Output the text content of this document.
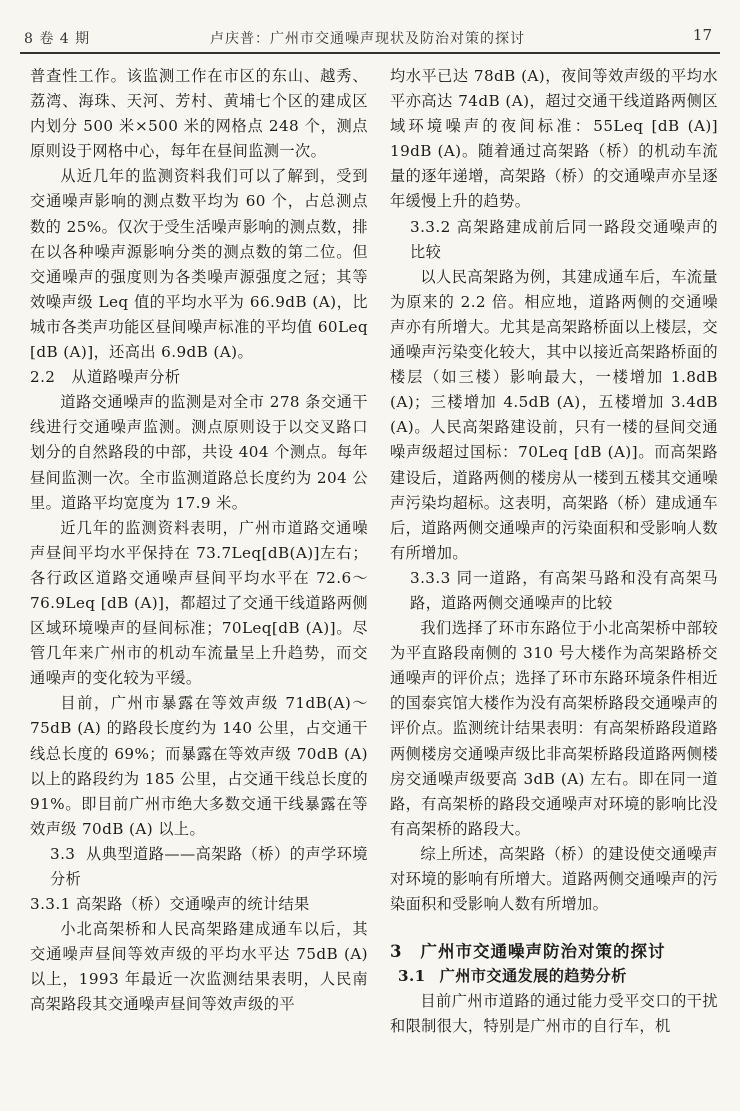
8 卷 4 期	卢庆普：广州市交通噪声现状及防治对策的探讨	17

普查性工作。该监测工作在市区的东山、越秀、荔湾、海珠、天河、芳村、黄埔七个区的建成区内划分 500 米×500 米的网格点 248 个，测点原则设于网格中心，每年在昼间监测一次。

从近几年的监测资料我们可以了解到，受到交通噪声影响的测点数平均为 60 个，占总测点数的 25%。仅次于受生活噪声影响的测点数，排在以各种噪声源影响分类的测点数的第二位。但交通噪声的强度则为各类噪声源强度之冠；其等效噪声级 Leq 值的平均水平为 66.9dB (A)，比城市各类声功能区昼间噪声标准的平均值 60Leq [dB (A)]，还高出 6.9dB (A)。

2.2 从道路噪声分析

道路交通噪声的监测是对全市 278 条交通干线进行交通噪声监测。测点原则设于以交叉路口划分的自然路段的中部，共设 404 个测点。每年昼间监测一次。全市监测道路总长度约为 204 公里。道路平均宽度为 17.9 米。

近几年的监测资料表明，广州市道路交通噪声昼间平均水平保持在 73.7Leq[dB(A)]左右；各行政区道路交通噪声昼间平均水平在 72.6～76.9Leq [dB (A)]，都超过了交通干线道路两侧区域环境噪声的昼间标准；70Leq[dB (A)]。尽管几年来广州市的机动车流量呈上升趋势，而交通噪声的变化较为平缓。

目前，广州市暴露在等效声级 71dB(A)～75dB (A) 的路段长度约为 140 公里，占交通干线总长度的 69%；而暴露在等效声级 70dB (A) 以上的路段约为 185 公里，占交通干线总长度的 91%。即目前广州市绝大多数交通干线暴露在等效声级 70dB (A) 以上。

3.3 从典型道路——高架路（桥）的声学环境分析
3.3.1 高架路（桥）交通噪声的统计结果

小北高架桥和人民高架路建成通车以后，其交通噪声昼间等效声级的平均水平达 75dB (A) 以上，1993 年最近一次监测结果表明，人民南高架路段其交通噪声昼间等效声级的平

均水平已达 78dB (A)，夜间等效声级的平均水平亦高达 74dB (A)，超过交通干线道路两侧区域环境噪声的夜间标准：55Leq [dB (A)] 19dB (A)。随着通过高架路（桥）的机动车流量的逐年递增，高架路（桥）的交通噪声亦呈逐年缓慢上升的趋势。

3.3.2 高架路建成前后同一路段交通噪声的比较

以人民高架路为例，其建成通车后，车流量为原来的 2.2 倍。相应地，道路两侧的交通噪声亦有所增大。尤其是高架路桥面以上楼层，交通噪声污染变化较大，其中以接近高架路桥面的楼层（如三楼）影响最大，一楼增加 1.8dB (A)；三楼增加 4.5dB (A)，五楼增加 3.4dB (A)。人民高架路建设前，只有一楼的昼间交通噪声级超过国标：70Leq [dB (A)]。而高架路建设后，道路两侧的楼房从一楼到五楼其交通噪声污染均超标。这表明，高架路（桥）建成通车后，道路两侧交通噪声的污染面积和受影响人数有所增加。

3.3.3 同一道路，有高架马路和没有高架马路，道路两侧交通噪声的比较

我们选择了环市东路位于小北高架桥中部较为平直路段南侧的 310 号大楼作为高架路桥交通噪声的评价点；选择了环市东路环境条件相近的国泰宾馆大楼作为没有高架桥路段交通噪声的评价点。监测统计结果表明：有高架桥路段道路两侧楼房交通噪声级比非高架桥路段道路两侧楼房交通噪声级要高 3dB (A) 左右。即在同一道路，有高架桥的路段交通噪声对环境的影响比没有高架桥的路段大。

综上所述，高架路（桥）的建设使交通噪声对环境的影响有所增大。道路两侧交通噪声的污染面积和受影响人数有所增加。

3 广州市交通噪声防治对策的探讨
3.1 广州市交通发展的趋势分析

目前广州市道路的通过能力受平交口的干扰和限制很大，特别是广州市的自行车，机
